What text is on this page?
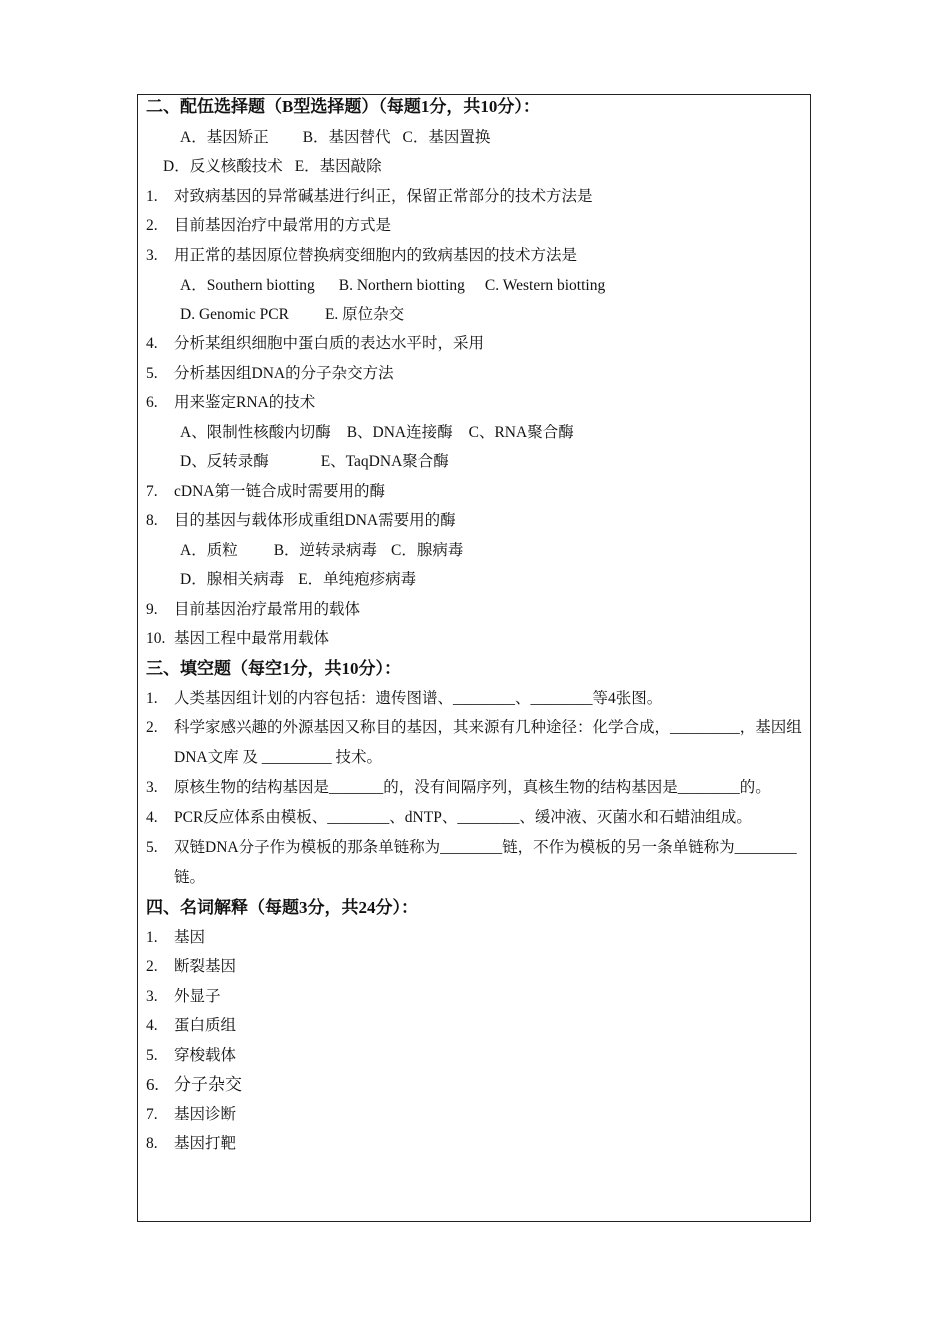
二、配伍选择题（B型选择题）（每题1分，共10分）：
A．基因矫正 B．基因替代 C．基因置换
D．反义核酸技术 E．基因敲除
1. 对致病基因的异常碱基进行纠正，保留正常部分的技术方法是
2. 目前基因治疗中最常用的方式是
3. 用正常的基因原位替换病变细胞内的致病基因的技术方法是
A．Southern biotting B. Northern biotting C. Western biotting
D. Genomic PCR E. 原位杂交
4. 分析某组织细胞中蛋白质的表达水平时，采用
5. 分析基因组DNA的分子杂交方法
6. 用来鉴定RNA的技术
A、限制性核酸内切酶 B、DNA连接酶 C、RNA聚合酶
D、反转录酶	E、TaqDNA聚合酶
7. cDNA第一链合成时需要用的酶
8. 目的基因与载体形成重组DNA需要用的酶
A．质粒 B．逆转录病毒 C．腺病毒
D．腺相关病毒 E．单纯疱疹病毒
9. 目前基因治疗最常用的载体
10. 基因工程中最常用载体
三、填空题（每空1分，共10分）：
1. 人类基因组计划的内容包括：遗传图谱、________、________等4张图。
2.	科学家感兴趣的外源基因又称目的基因，其来源有几种途径：化学合成，_________，基因组 DNA文库 及 _________ 技术。
3. 原核生物的结构基因是_______的，没有间隔序列，真核生物的结构基因是________的。
4. PCR反应体系由模板、________、dNTP、________、缓冲液、灭菌水和石蜡油组成。
5.	双链DNA分子作为模板的那条单链称为________链，不作为模板的另一条单链称为________链。
四、名词解释（每题3分，共24分）：
1. 基因
2. 断裂基因
3. 外显子
4. 蛋白质组
5. 穿梭载体
6. 分子杂交
7. 基因诊断
8. 基因打靶
